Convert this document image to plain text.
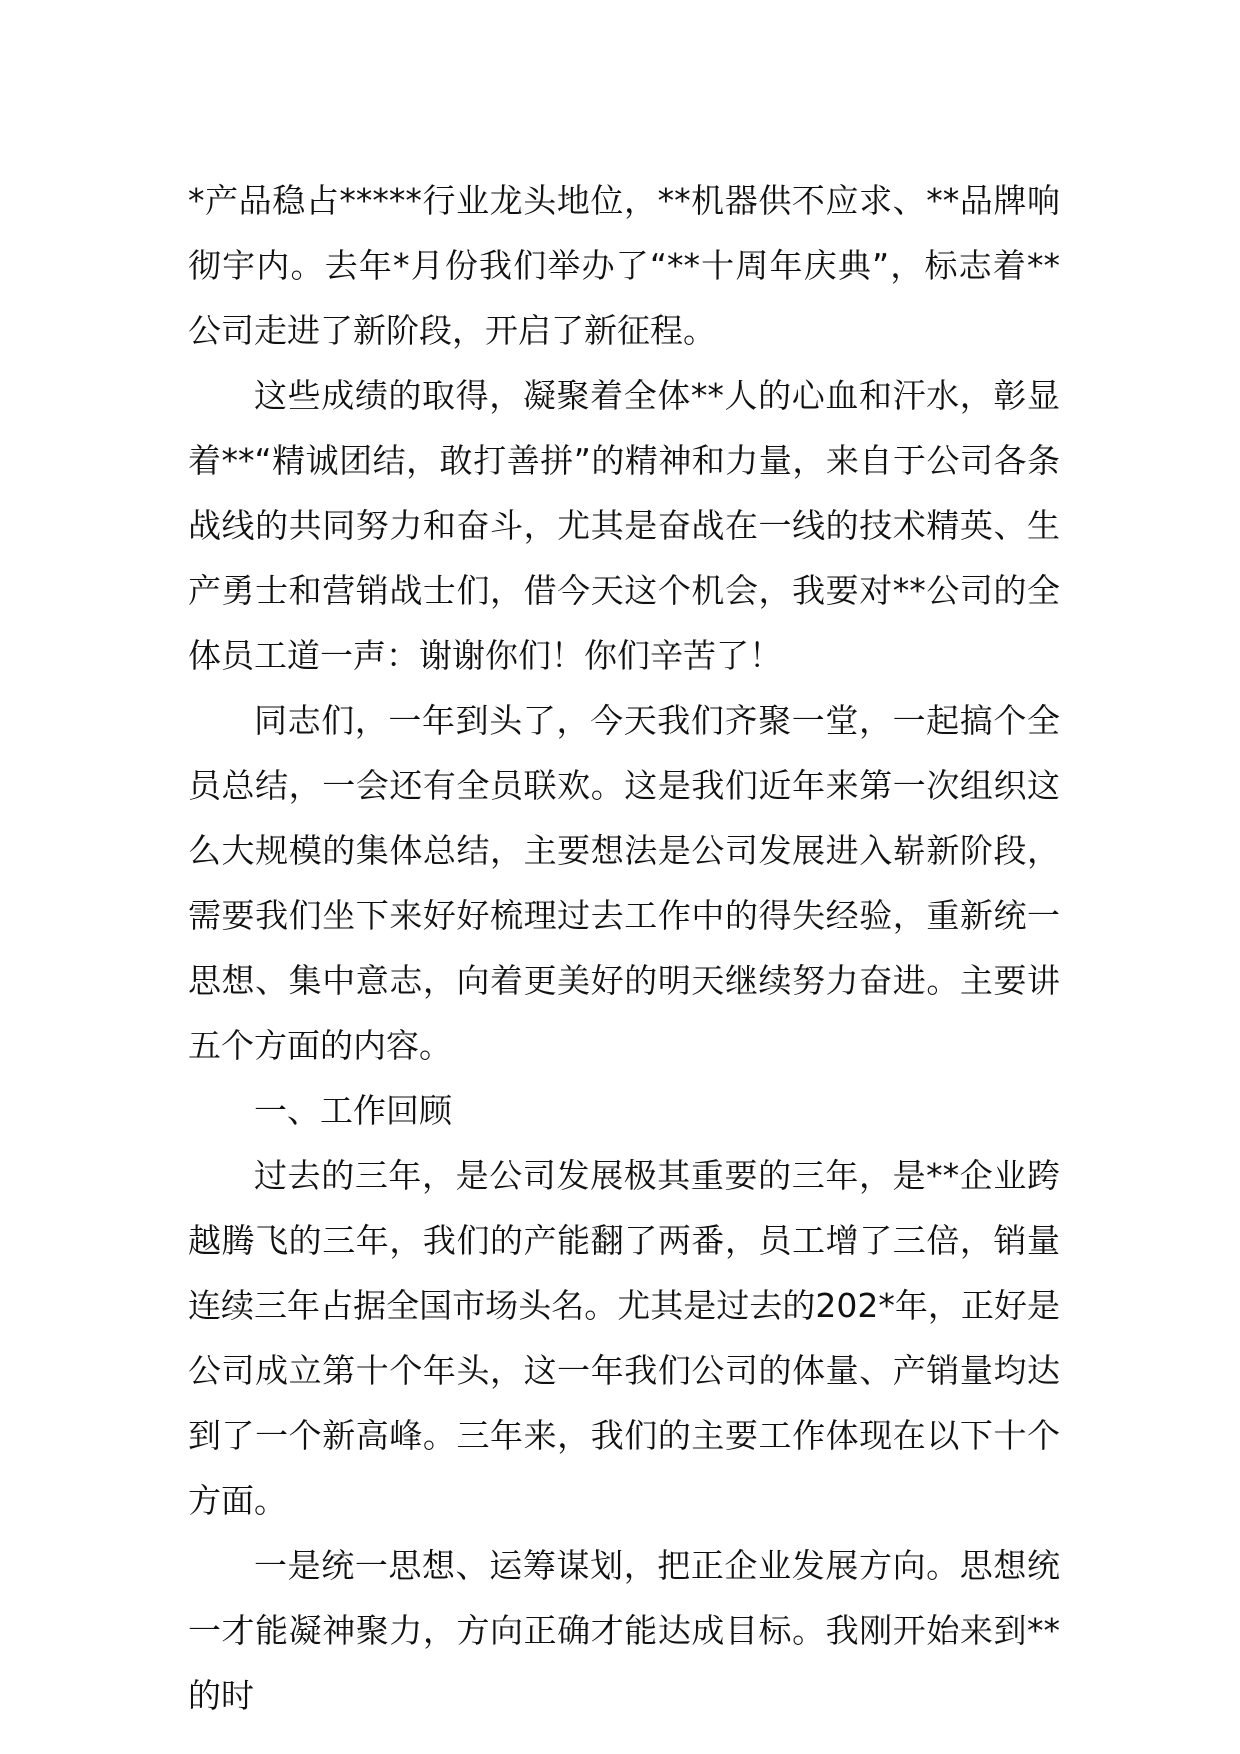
*产品稳占*****行业龙头地位，**机器供不应求、**品牌响彻宇内。去年*月份我们举办了“**十周年庆典”，标志着**公司走进了新阶段，开启了新征程。

这些成绩的取得，凝聚着全体**人的心血和汗水，彰显着**“精诚团结，敢打善拼”的精神和力量，来自于公司各条战线的共同努力和奋斗，尤其是奋战在一线的技术精英、生产勇士和营销战士们，借今天这个机会，我要对**公司的全体员工道一声：谢谢你们！你们辛苦了！

同志们，一年到头了，今天我们齐聚一堂，一起搞个全员总结，一会还有全员联欢。这是我们近年来第一次组织这么大规模的集体总结，主要想法是公司发展进入崭新阶段，需要我们坐下来好好梳理过去工作中的得失经验，重新统一思想、集中意志，向着更美好的明天继续努力奋进。主要讲五个方面的内容。

一、工作回顾

过去的三年，是公司发展极其重要的三年，是**企业跨越腾飞的三年，我们的产能翻了两番，员工增了三倍，销量连续三年占据全国市场头名。尤其是过去的202*年，正好是公司成立第十个年头，这一年我们公司的体量、产销量均达到了一个新高峰。三年来，我们的主要工作体现在以下十个方面。

一是统一思想、运筹谋划，把正企业发展方向。思想统一才能凝神聚力，方向正确才能达成目标。我刚开始来到**的时
